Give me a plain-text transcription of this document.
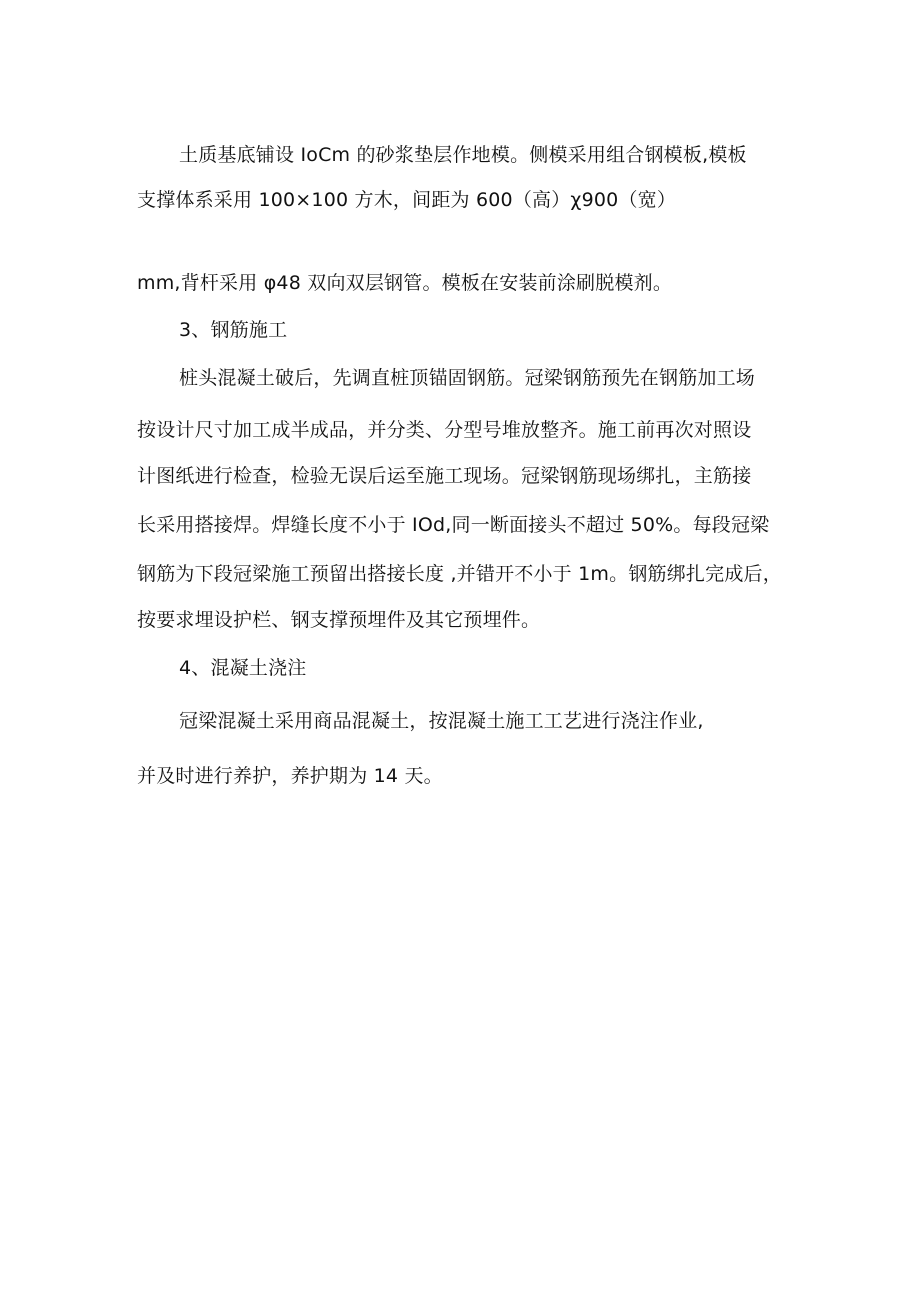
土质基底铺设 IoCm 的砂浆垫层作地模。侧模采用组合钢模板,模板
支撑体系采用 100×100 方木，间距为 600（高）χ900（宽）
mm,背杆采用 φ48 双向双层钢管。模板在安装前涂刷脱模剂。
3、钢筋施工
桩头混凝土破后，先调直桩顶锚固钢筋。冠梁钢筋预先在钢筋加工场
按设计尺寸加工成半成品，并分类、分型号堆放整齐。施工前再次对照设
计图纸进行检查，检验无误后运至施工现场。冠梁钢筋现场绑扎，主筋接
长采用搭接焊。焊缝长度不小于 IOd,同一断面接头不超过 50%。每段冠梁
钢筋为下段冠梁施工预留出搭接长度 ,并错开不小于 1m。钢筋绑扎完成后，
按要求埋设护栏、钢支撑预埋件及其它预埋件。
4、混凝土浇注
冠梁混凝土采用商品混凝土，按混凝土施工工艺进行浇注作业,
并及时进行养护，养护期为 14 天。
